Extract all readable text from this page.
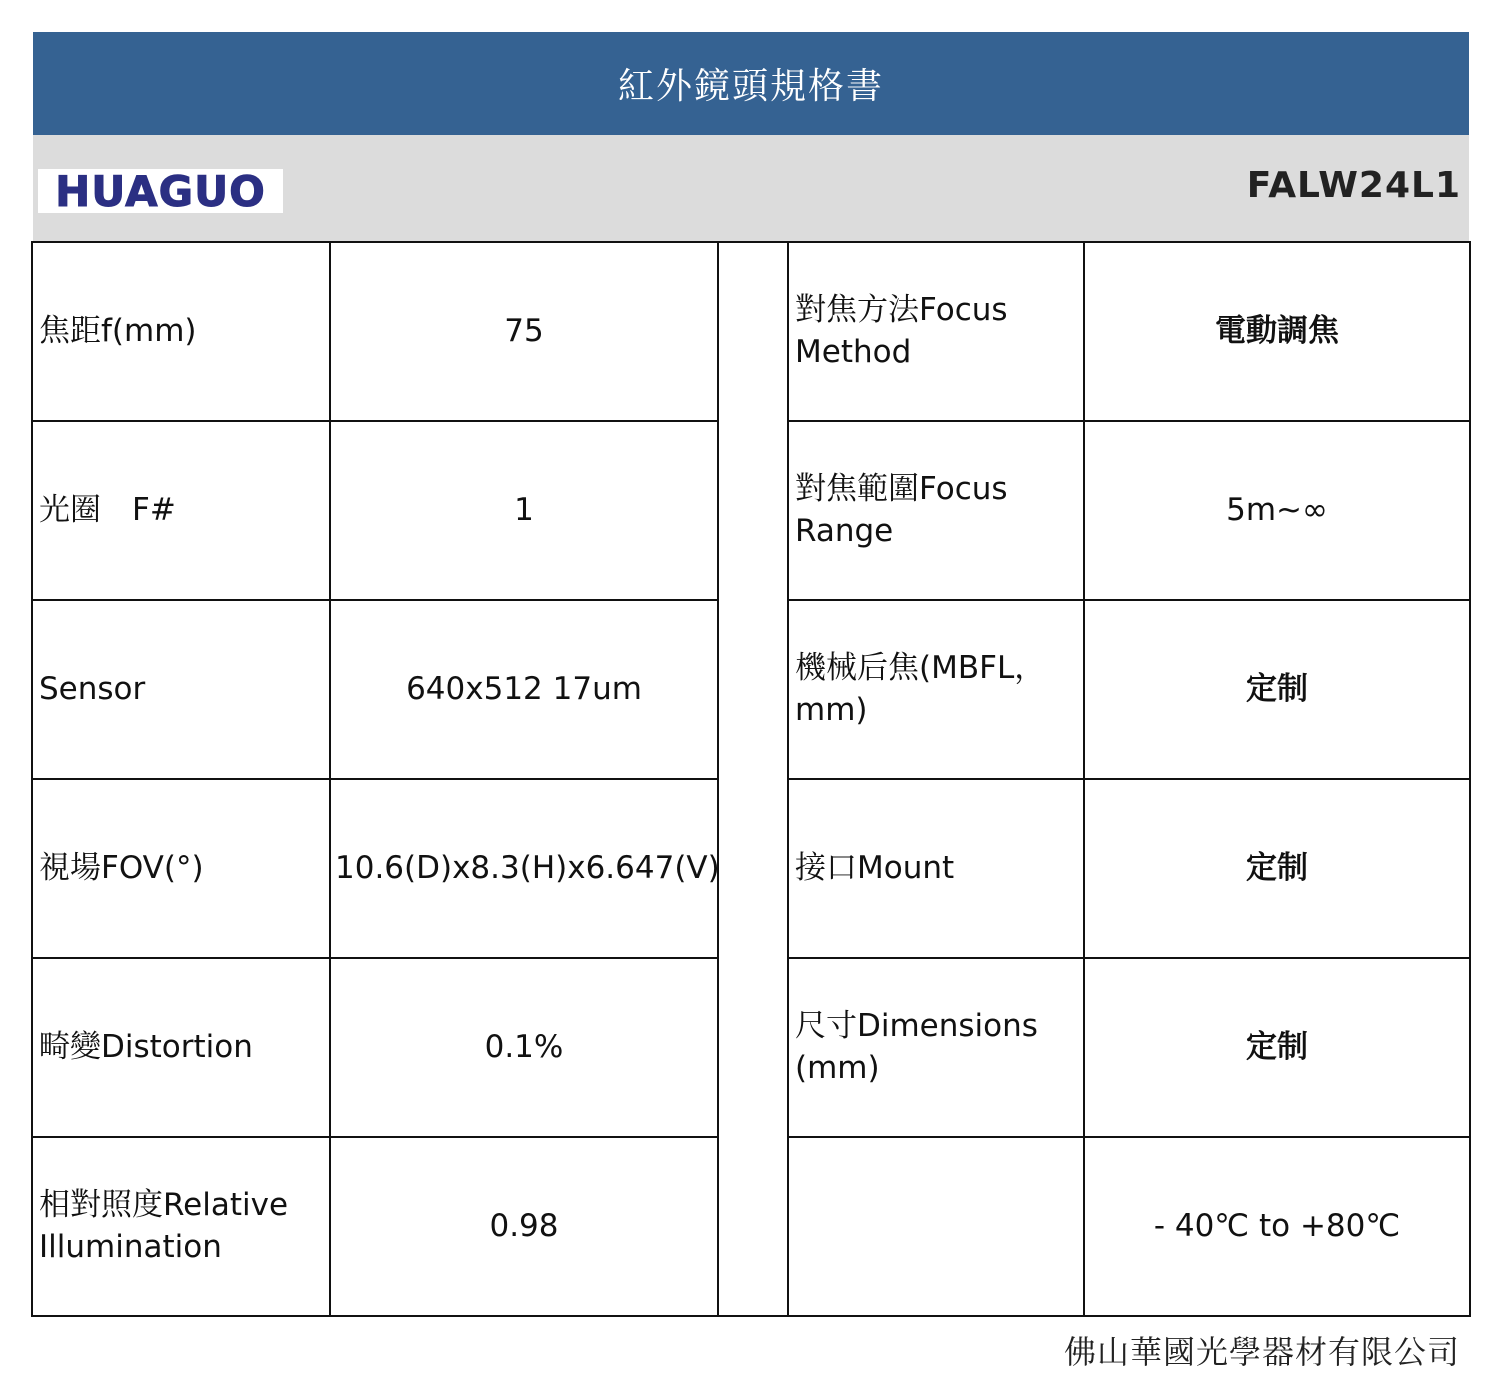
紅外鏡頭規格書
HUAGUO	FALW24L1
焦距f(mm)	75		對焦方法Focus Method	電動調焦
光圈　F#	1		對焦範圍Focus Range	5m~∞
Sensor	640x512 17um		機械后焦(MBFL，mm)	定制
視場FOV(°)	10.6(D)x8.3(H)x6.647(V)		接口Mount	定制
畸變Distortion	0.1%		尺寸Dimensions (mm)	定制
相對照度Relative Illumination	0.98			- 40℃ to +80℃
佛山華國光學器材有限公司
